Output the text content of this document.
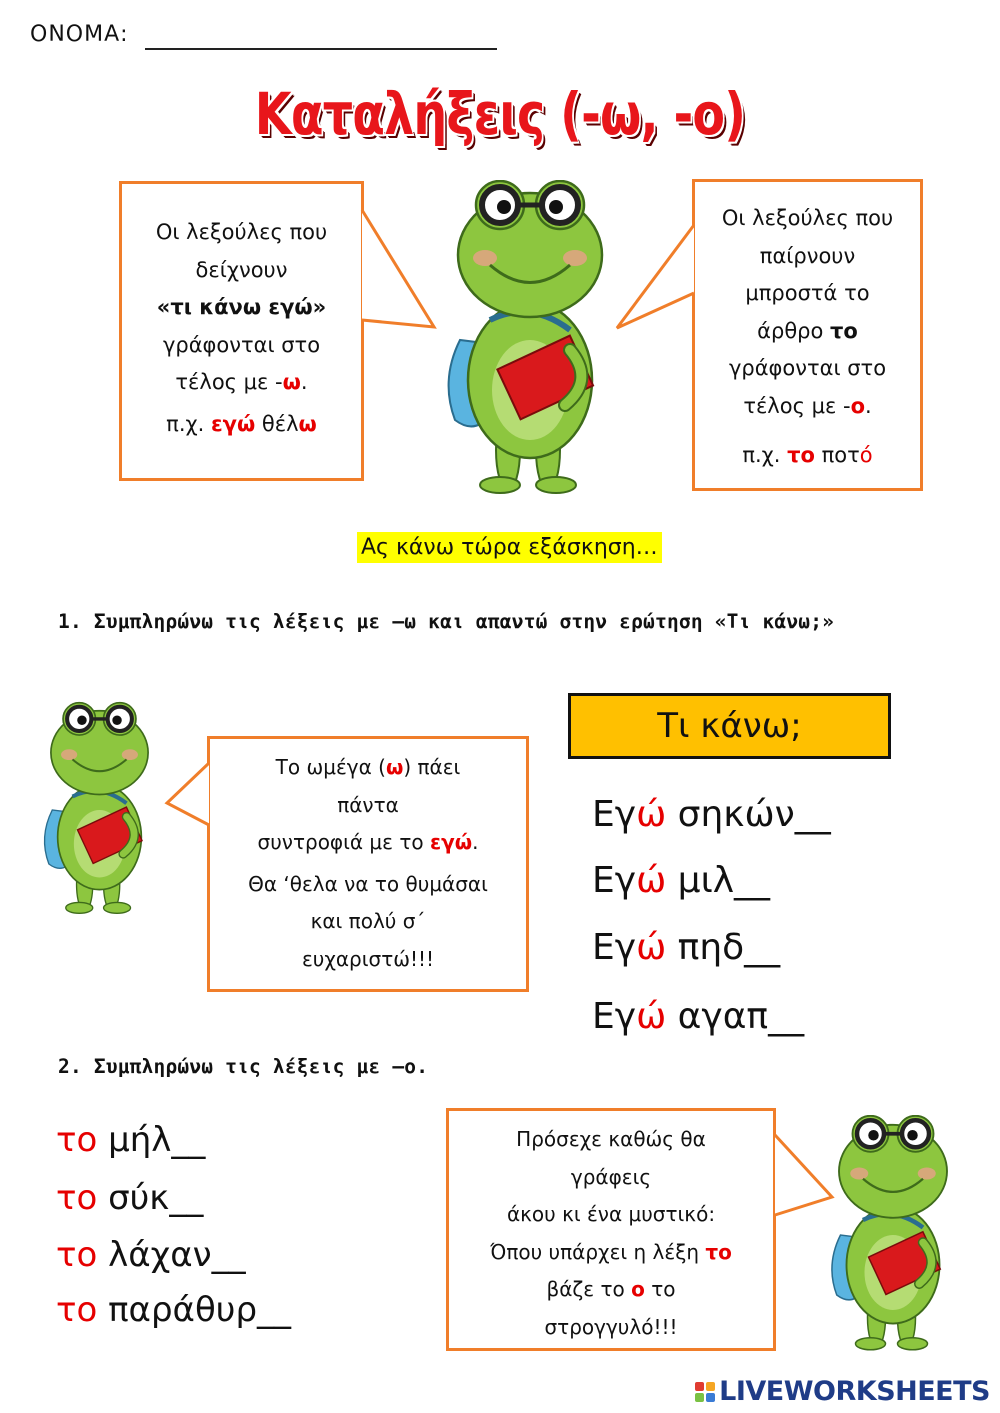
ΟΝΟΜΑ:
Καταλήξεις (-ω, -ο)

Οι λεξούλες που

δείχνουν

«τι κάνω εγώ»

γράφονται στο

τέλος με -ω.

π.χ. εγώ θέλω

Οι λεξούλες που

παίρνουν

μπροστά το

άρθρο το

γράφονται στο

τέλος με -ο.

π.χ. το ποτό

Ας κάνω τώρα εξάσκηση…
1. Συμπληρώνω τις λέξεις με –ω και απαντώ στην ερώτηση «Τι κάνω;»

Το ωμέγα (ω) πάει

πάντα

συντροφιά με το εγώ.

Θα ‘θελα να το θυμάσαι

και πολύ σ΄

ευχαριστώ!!!

Τι κάνω;
Εγώ σηκών__
Εγώ μιλ__
Εγώ πηδ__
Εγώ αγαπ__
2. Συμπληρώνω τις λέξεις με –ο.
το μήλ__
το σύκ__
το λάχαν__
το παράθυρ__

Πρόσεχε καθώς θα

γράφεις

άκου κι ένα μυστικό:

Όπου υπάρχει η λέξη το

βάζε το ο το

στρογγυλό!!!

LIVEWORKSHEETS
